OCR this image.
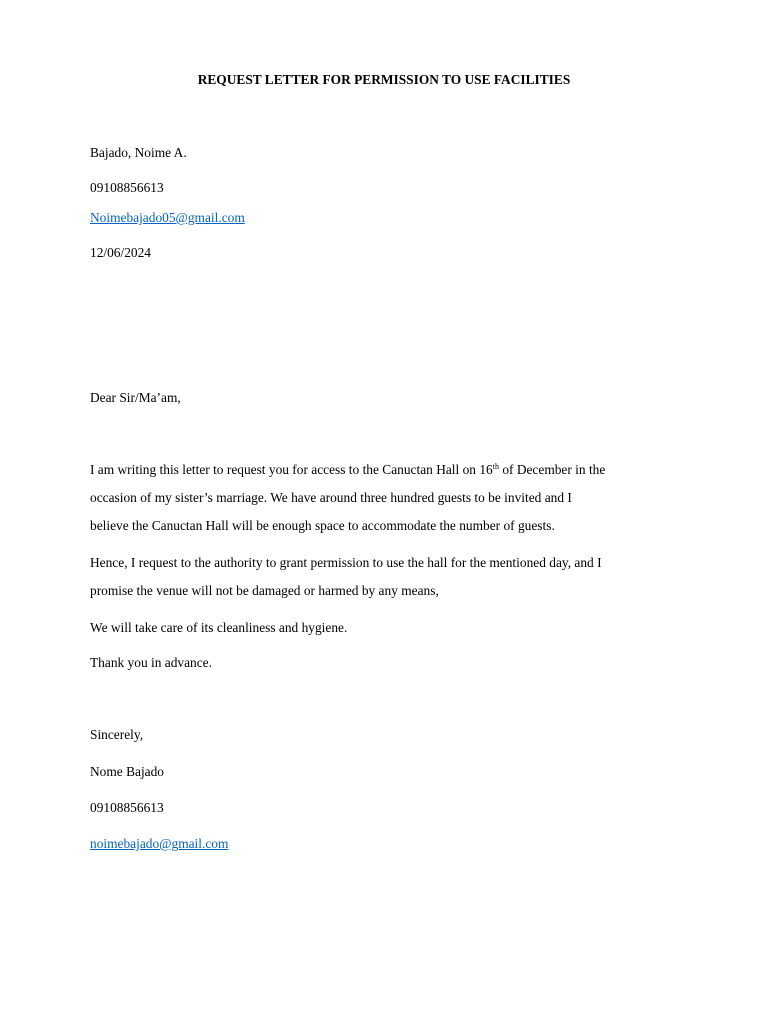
REQUEST LETTER FOR PERMISSION TO USE FACILITIES
Bajado, Noime A.
09108856613
Noimebajado05@gmail.com
12/06/2024
Dear Sir/Ma’am,
I am writing this letter to request you for access to the Canuctan Hall on 16th of December in the
occasion of my sister’s marriage. We have around three hundred guests to be invited and I
believe the Canuctan Hall will be enough space to accommodate the number of guests.
Hence, I request to the authority to grant permission to use the hall for the mentioned day, and I
promise the venue will not be damaged or harmed by any means,
We will take care of its cleanliness and hygiene.
Thank you in advance.
Sincerely,
Nome Bajado
09108856613
noimebajado@gmail.com
